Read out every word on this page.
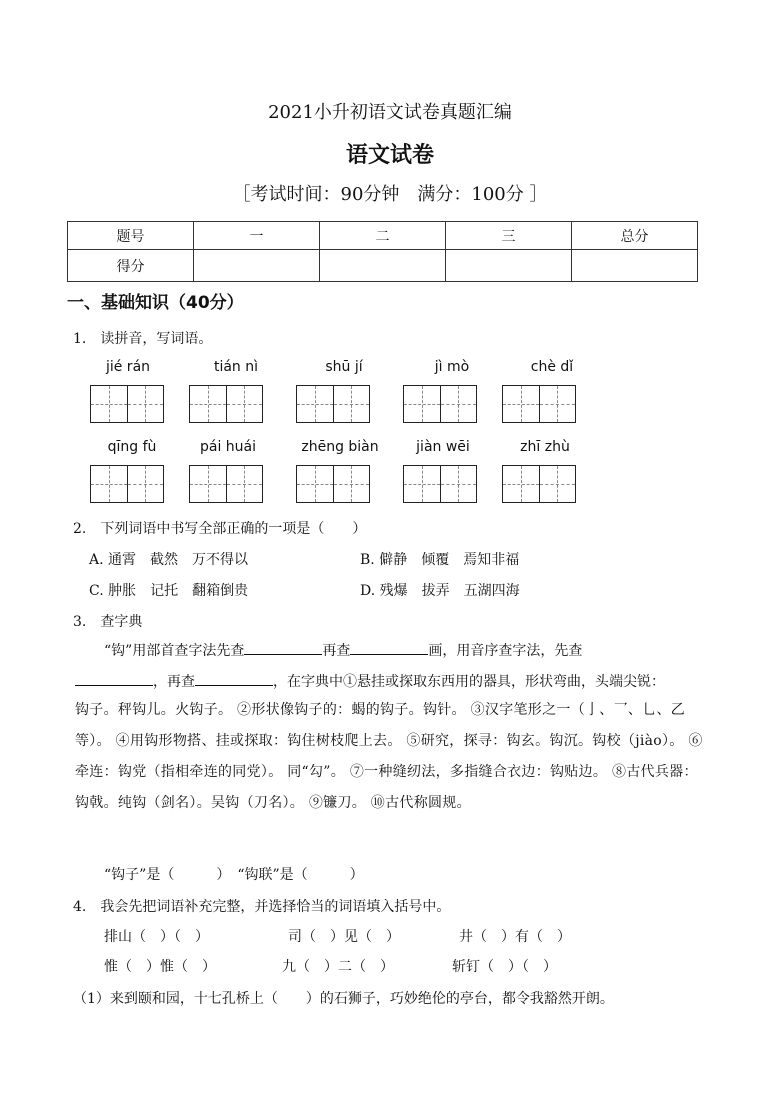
2021小升初语文试卷真题汇编
语文试卷
［考试时间：90分钟　满分：100分 ］
题号	一	二	三	总分
得分				
一、基础知识（40分）
1.　读拼音，写词语。
jié rán	tián nì	shū jí	jì mò	chè dǐ
qīng fù	pái huái	zhēng biàn	jiàn wēi	zhī zhù
2.　下列词语中书写全部正确的一项是（　　）
A. 通霄　截然　万不得以	B. 僻静　倾覆　焉知非福
C. 肿胀　记托　翻箱倒贵	D. 残爆　拔弄　五湖四海
3.　查字典
“钩”用部首查字法先查	再查	画，用音序查字法，先查
，再查	，在字典中①悬挂或探取东西用的器具，形状弯曲，头端尖锐：
钩子。秤钩儿。火钩子。 ②形状像钩子的：蝎的钩子。钩针。 ③汉字笔形之一（亅、乛、乚、乙等）。 ④用钩形物搭、挂或探取：钩住树枝爬上去。 ⑤研究，探寻：钩玄。钩沉。钩校（jiào）。 ⑥牵连：钩党（指相牵连的同党）。 同“勾”。 ⑦一种缝纫法，多指缝合衣边：钩贴边。 ⑧古代兵器：钩戟。纯钩（剑名）。吴钩（刀名）。 ⑨镰刀。 ⑩古代称圆规。
“钩子”是（　　　）　“钩联”是（　　　）
4.　我会先把词语补充完整，并选择恰当的词语填入括号中。
排山（　）（　）	司（　）见（　）	井（　）有（　）
惟（　）惟（　）	九（　）二（　）	斩钉（　）（　）
（1）来到颐和园，十七孔桥上（　　）的石狮子，巧妙绝伦的亭台，都令我豁然开朗。
